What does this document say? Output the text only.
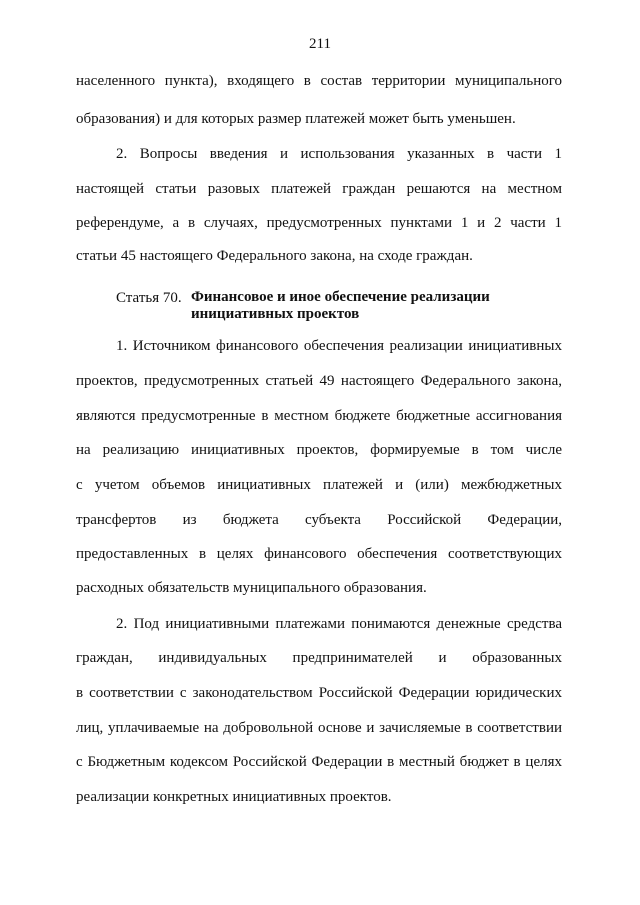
211
населенного пункта), входящего в состав территории муниципального
образования) и для которых размер платежей может быть уменьшен.
2. Вопросы введения и использования указанных в части 1
настоящей статьи разовых платежей граждан решаются на местном
референдуме, а в случаях, предусмотренных пунктами 1 и 2 части 1
статьи 45 настоящего Федерального закона, на сходе граждан.
Статья 70. Финансовое и иное обеспечение реализации
инициативных проектов
1. Источником финансового обеспечения реализации инициативных
проектов, предусмотренных статьей 49 настоящего Федерального закона,
являются предусмотренные в местном бюджете бюджетные ассигнования
на реализацию инициативных проектов, формируемые в том числе
с учетом объемов инициативных платежей и (или) межбюджетных
трансфертов из бюджета субъекта Российской Федерации,
предоставленных в целях финансового обеспечения соответствующих
расходных обязательств муниципального образования.
2. Под инициативными платежами понимаются денежные средства
граждан, индивидуальных предпринимателей и образованных
в соответствии с законодательством Российской Федерации юридических
лиц, уплачиваемые на добровольной основе и зачисляемые в соответствии
с Бюджетным кодексом Российской Федерации в местный бюджет в целях
реализации конкретных инициативных проектов.
